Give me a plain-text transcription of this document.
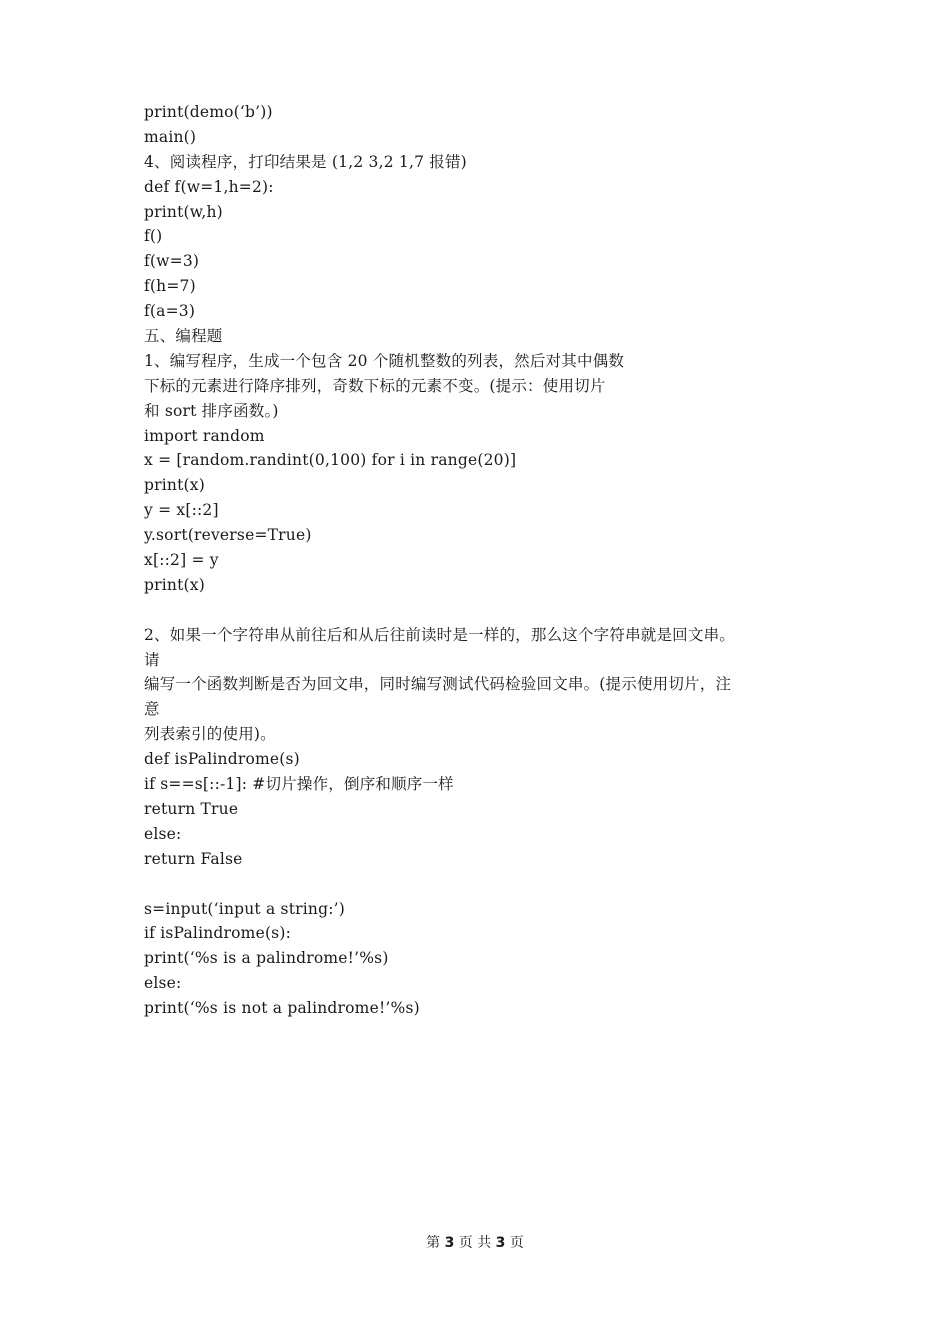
print(demo(‘b’))
main()
4、阅读程序，打印结果是 (1,2 3,2 1,7 报错)
def f(w=1,h=2):
print(w,h)
f()
f(w=3)
f(h=7)
f(a=3)
五、编程题
1、编写程序，生成一个包含 20 个随机整数的列表，然后对其中偶数
下标的元素进行降序排列，奇数下标的元素不变。(提示：使用切片
和 sort 排序函数。)
import random
x = [random.randint(0,100) for i in range(20)]
print(x)
y = x[::2]
y.sort(reverse=True)
x[::2] = y
print(x)
2、如果一个字符串从前往后和从后往前读时是一样的，那么这个字符串就是回文串。
请
编写一个函数判断是否为回文串，同时编写测试代码检验回文串。(提示使用切片，注
意
列表索引的使用)。
def isPalindrome(s)
if s==s[::-1]: #切片操作，倒序和顺序一样
return True
else:
return False
s=input(‘input a string:’)
if isPalindrome(s):
print(‘%s is a palindrome!’%s)
else:
print(‘%s is not a palindrome!’%s)
第 3 页 共 3 页
